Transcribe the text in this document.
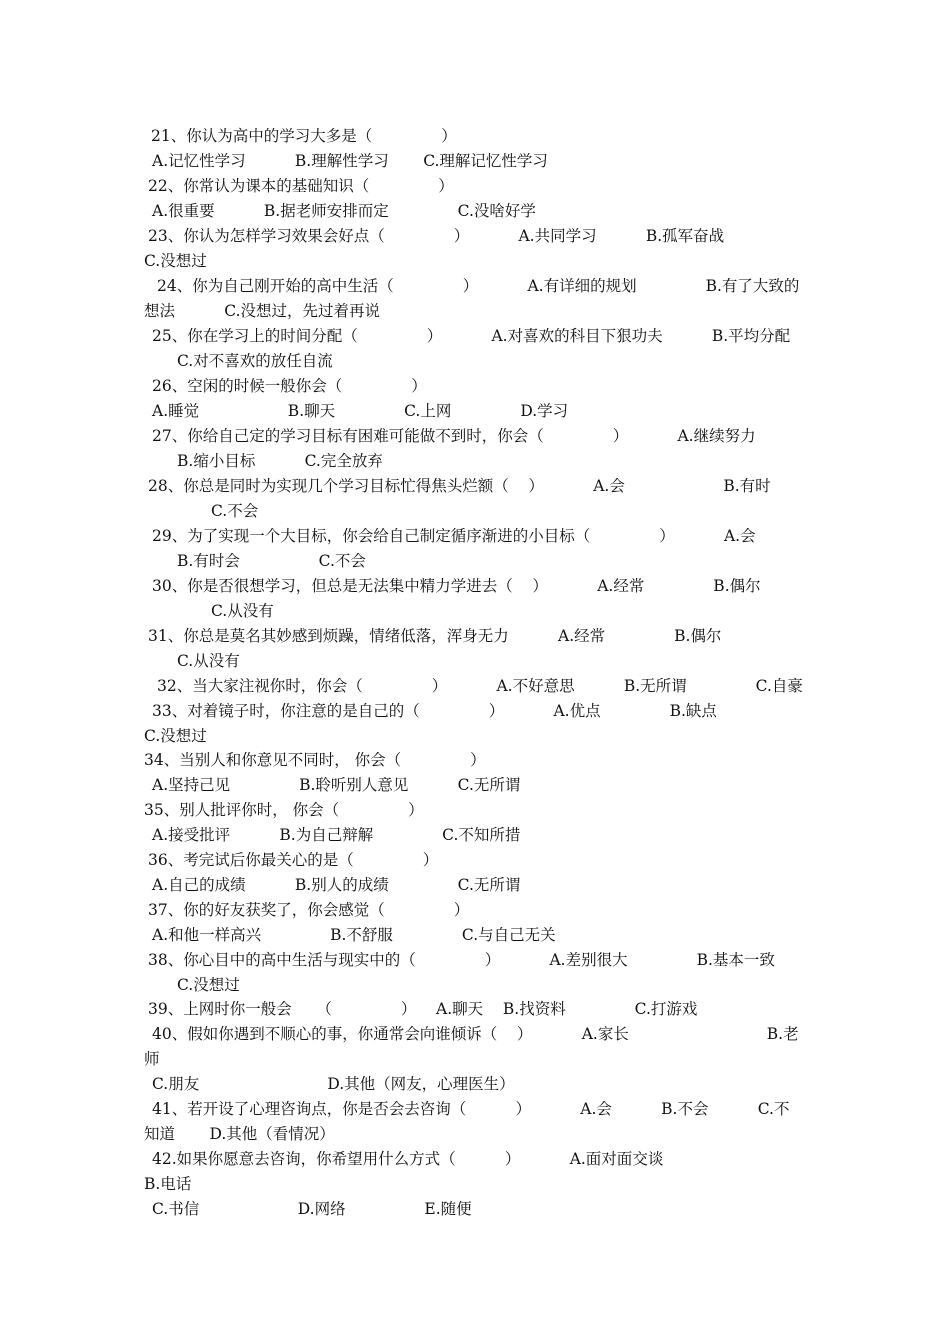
21、你认为高中的学习大多是（              ）
A.记忆性学习          B.理解性学习       C.理解记忆性学习
22、你常认为课本的基础知识（              ）
A.很重要          B.据老师安排而定              C.没啥好学
23、你认为怎样学习效果会好点（              ）          A.共同学习          B.孤军奋战
C.没想过
24、你为自己刚开始的高中生活（              ）          A.有详细的规划              B.有了大致的
想法          C.没想过，先过着再说
25、你在学习上的时间分配（              ）          A.对喜欢的科目下狠功夫          B.平均分配
C.对不喜欢的放任自流
26、空闲的时候一般你会（              ）
A.睡觉                  B.聊天              C.上网              D.学习
27、你给自己定的学习目标有困难可能做不到时，你会（              ）          A.继续努力
B.缩小目标          C.完全放弃
28、你总是同时为实现几个学习目标忙得焦头烂额（    ）          A.会                    B.有时
C.不会
29、为了实现一个大目标，你会给自己制定循序渐进的小目标（              ）          A.会
B.有时会                C.不会
30、你是否很想学习，但总是无法集中精力学进去（    ）          A.经常              B.偶尔
C.从没有
31、你总是莫名其妙感到烦躁，情绪低落，浑身无力          A.经常              B.偶尔
C.从没有
32、当大家注视你时，你会（              ）          A.不好意思          B.无所谓              C.自豪
33、对着镜子时，你注意的是自己的（              ）          A.优点              B.缺点
C.没想过
34、当别人和你意见不同时， 你会（              ）
A.坚持己见              B.聆听别人意见          C.无所谓
35、别人批评你时， 你会（              ）
A.接受批评          B.为自己辩解              C.不知所措
36、考完试后你最关心的是（              ）
A.自己的成绩          B.别人的成绩              C.无所谓
37、你的好友获奖了，你会感觉（              ）
A.和他一样高兴              B.不舒服              C.与自己无关
38、你心目中的高中生活与现实中的（              ）          A.差别很大              B.基本一致
C.没想过
39、上网时你一般会     （              ）    A.聊天    B.找资料              C.打游戏
40、假如你遇到不顺心的事，你通常会向谁倾诉（    ）          A.家长                            B.老
师
C.朋友                          D.其他（网友，心理医生）
41、若开设了心理咨询点，你是否会去咨询（          ）          A.会          B.不会          C.不
知道       D.其他（看情况）
42.如果你愿意去咨询，你希望用什么方式（          ）          A.面对面交谈
B.电话
C.书信                    D.网络                E.随便
